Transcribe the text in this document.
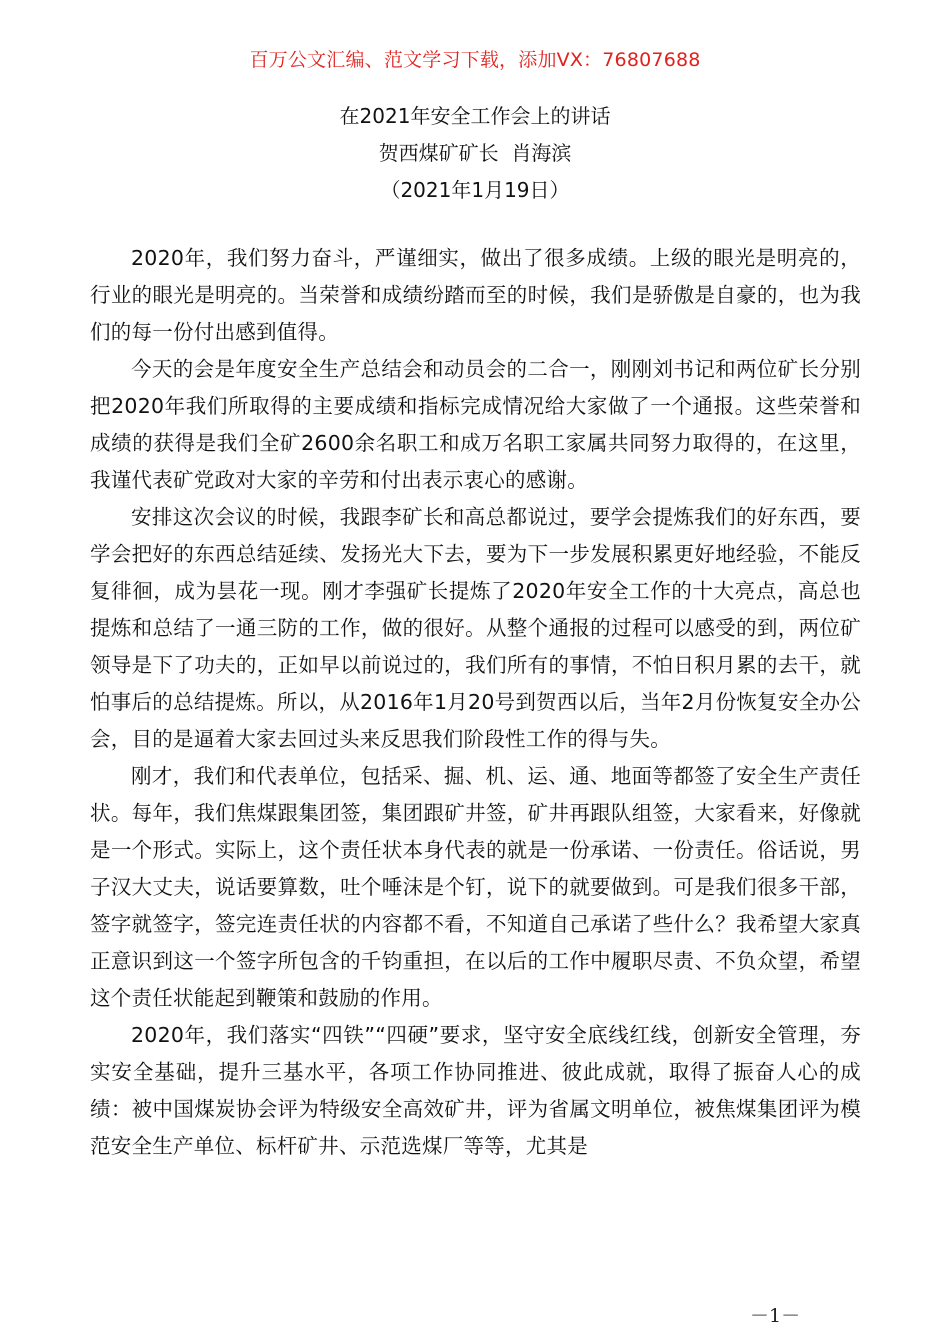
百万公文汇编、范文学习下载，添加VX：76807688
在2021年安全工作会上的讲话
贺西煤矿矿长  肖海滨
（2021年1月19日）

2020年，我们努力奋斗，严谨细实，做出了很多成绩。上级的眼光是明亮的，行业的眼光是明亮的。当荣誉和成绩纷踏而至的时候，我们是骄傲是自豪的，也为我们的每一份付出感到值得。

今天的会是年度安全生产总结会和动员会的二合一，刚刚刘书记和两位矿长分别把2020年我们所取得的主要成绩和指标完成情况给大家做了一个通报。这些荣誉和成绩的获得是我们全矿2600余名职工和成万名职工家属共同努力取得的，在这里，我谨代表矿党政对大家的辛劳和付出表示衷心的感谢。

安排这次会议的时候，我跟李矿长和高总都说过，要学会提炼我们的好东西，要学会把好的东西总结延续、发扬光大下去，要为下一步发展积累更好地经验，不能反复徘徊，成为昙花一现。刚才李强矿长提炼了2020年安全工作的十大亮点，高总也提炼和总结了一通三防的工作，做的很好。从整个通报的过程可以感受的到，两位矿领导是下了功夫的，正如早以前说过的，我们所有的事情，不怕日积月累的去干，就怕事后的总结提炼。所以，从2016年1月20号到贺西以后，当年2月份恢复安全办公会，目的是逼着大家去回过头来反思我们阶段性工作的得与失。

刚才，我们和代表单位，包括采、掘、机、运、通、地面等都签了安全生产责任状。每年，我们焦煤跟集团签，集团跟矿井签，矿井再跟队组签，大家看来，好像就是一个形式。实际上，这个责任状本身代表的就是一份承诺、一份责任。俗话说，男子汉大丈夫，说话要算数，吐个唾沫是个钉，说下的就要做到。可是我们很多干部，签字就签字，签完连责任状的内容都不看，不知道自己承诺了些什么？我希望大家真正意识到这一个签字所包含的千钧重担，在以后的工作中履职尽责、不负众望，希望这个责任状能起到鞭策和鼓励的作用。

2020年，我们落实“四铁”“四硬”要求，坚守安全底线红线，创新安全管理，夯实安全基础，提升三基水平，各项工作协同推进、彼此成就，取得了振奋人心的成绩：被中国煤炭协会评为特级安全高效矿井，评为省属文明单位，被焦煤集团评为模范安全生产单位、标杆矿井、示范选煤厂等等，尤其是

－1－
